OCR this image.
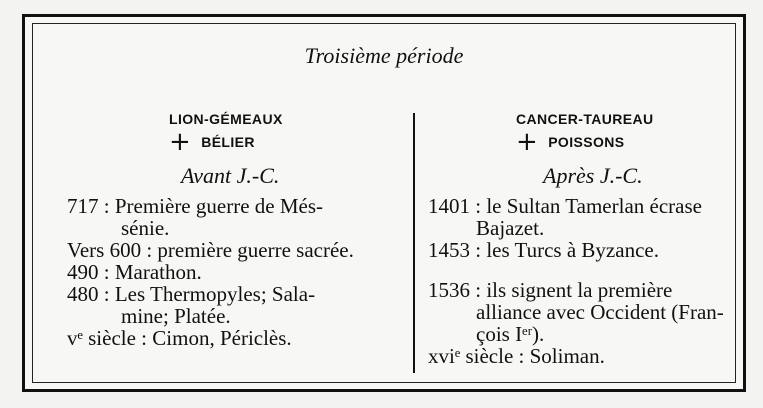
Troisième période
LION-GÉMEAUX
+ BÉLIER
Avant J.-C.

717 : Première guerre de Més-
sénie.

Vers 600 : première guerre sacrée.

490 : Marathon.

480 : Les Thermopyles; Sala-
mine; Platée.

vᵉ siècle : Cimon, Périclès.

CANCER-TAUREAU
+ POISSONS
Après J.-C.

1401 : le Sultan Tamerlan écrase
Bajazet.

1453 : les Turcs à Byzance.

1536 : ils signent la première
alliance avec Occident (Fran-
çois Iᵉʳ).

xviᵉ siècle : Soliman.
